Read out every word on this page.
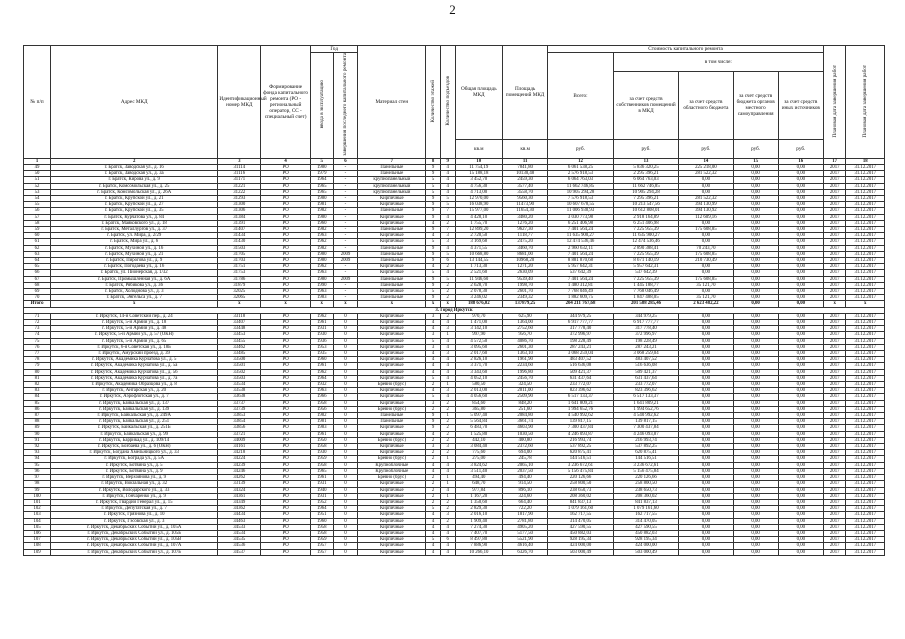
2
№ п/п	Адрес МКД	Идентификационный номер МКД	Формирование фонда капитального ремонта (РО - региональный оператор, СС - специальный счет)	Год		Материал стен	Количество этажей	Количество подъездов	Общая площадь МКД	Площадь помещений МКД	Стоимость капитального ремонта					Плановая дата завершения работ	Плановая дата завершения работ
				ввода в эксплуатацию	завершения последнего капитального ремонта						Всего:	в том числе:					
												за счет средств собственников помещений в МКД	за счет средств областного бюджета	за счет средств бюджета органов местного самоуправления	за счет средств иных источников		
									кв.м	кв.м	руб.	руб.	руб.	руб.	руб.		
1	2	3	4	5	6	7	8	9	10	11	12	13	14	15	16	17	18
49	г. Братск, Заводская ул., д. 16	31114	РО	1980	-	Панельные	9	4	11 754,19	7841,80	6 061 538,25	5 836 320,25	225 218,00	0,00	0,00	2017	31.12.2017
50	г. Братск, Заводская ул., д. 3а	31116	РО	1979	-	Панельные	9	4	15 188,18	10130,48	2 576 918,53	2 295 396,21	281 522,32	0,00	0,00	2017	31.12.2017
51	г. Братск, Кирова ул., д. 9	31171	РО	1964	-	крупнопанельный	5	4	3 452,70	2459,30	6 064 763,03	6 064 763,03	0,00	0,00	0,00	2017	31.12.2017
52	г. Братск, Комсомольская ул., д. 25	31221	РО	1965	-	крупнопанельный	5	4	4 756,30	3577,40	11 662 746,85	11 662 746,85	0,00	0,00	0,00	2017	31.12.2017
53	г. Братск, Комсомольская ул., д. 26А	31222	РО	1965	-	крупнопанельный	5	4	4 713,00	3558,70	10 905 294,28	10 905 294,28	0,00	0,00	0,00	2017	31.12.2017
54	г. Братск, Крупской ул., д. 21	31293	РО	1980	-	Кирпичные	9	5	12 970,00	9560,30	7 576 918,53	7 295 396,21	281 522,32	0,00	0,00	2017	31.12.2017
55	г. Братск, Крупской ул., д. 27	31300	РО	1981	-	Кирпичные	9	5	16 038,90	11473,90	10 607 678,55	10 213 547,56	394 130,99	0,00	0,00	2017	31.12.2017
56	г. Братск, Крупской ул., д. 35	31306	РО	1982	-	Панельные	9	7	15 977,00	11654,30	11 006 938,93	10 612 808,01	394 130,92	0,00	0,00	2017	31.12.2017
57	г. Братск, Курчатова ул., д. 84	31384	РО	1980	-	Кирпичные	9	4	4 428,10	3480,20	3 030 773,98	2 918 164,89	112 609,16	0,00	0,00	2017	31.12.2017
58	г. Братск, Маяковского ул., д. 18	31391	РО	1960	-	Кирпичные	4	2	1 755,70	1276,20	6 251 406,98	6 251 406,98	0,00	0,00	0,00	2017	31.12.2017
59	г. Братск, Металлургов ул., д. 37	31407	РО	1982	-	Панельные	9	7	12 899,20	9627,30	7 401 564,24	7 225 955,39	175 608,85	0,00	0,00	2017	31.12.2017
60	г. Братск, ул. Мира, д. 2/29	31434	РО	1963	-	Кирпичные	4	3	2 720,50	1118,77	11 635 900,27	11 635 900,27	0,00	0,00	0,00	2017	31.12.2017
61	г. Братск, Мира ул., д. 6	31430	РО	1962	-	Кирпичные	5	3	3 169,68	2475,20	12 474 536,46	12 474 536,46	0,00	0,00	0,00	2017	31.12.2017
62	г. Братск, Мухиной ул., д. 16	31503	РО	1982	-	Панельные	9	4	4 371,55	3460,70	2 960 632,11	2 890 388,41	70 243,70	0,00	0,00	2017	31.12.2017
63	г. Братск, Мухиной ул., д. 21	31705	РО	1980	2009	Панельные	9	5	10 668,80	8681,00	7 401 564,24	7 225 955,39	175 608,85	0,00	0,00	2017	31.12.2017
64	г. Братск, Пирогова ул., д. 9	31703	РО	1980	2009	Панельные	9	6	13 144,55	10968,20	8 881 870,68	8 671 140,19	210 730,49	0,00	0,00	2017	31.12.2017
65	г. Братск, Погодаева ул., д. 16	31751	РО	1962	-	Кирпичные	4	2	1 713,30	1271,20	5 957 642,31	5 957 642,31	0,00	0,00	0,00	2017	31.12.2017
66	г. Братск, ул. Пионерская, д. 1/32	31753	РО	1963	-	Кирпичные	5	4	2 521,60	2630,09	537 642,39	537 642,39	0,00	0,00	0,00	2017	31.12.2017
67	г. Братск, Промышленная ул., д. 6А	31786	РО	1980	2009	Панельные	9	5	11 946,60	9539,40	7 401 564,24	7 225 955,39	175 608,85	0,00	0,00	2017	31.12.2017
68	г. Братск, Рябикова ул., д. 36	31879	РО	1990	-	Панельные	9	2	2 628,70	1998,70	1 480 312,81	1 445 188,77	35 121,70	0,00	0,00	2017	31.12.2017
69	г. Братск, Холоднова ул., д. 3	32025	РО	1963	-	Кирпичные	5	2	2 078,30	2601,70	7 768 046,49	7 768 046,49	0,00	0,00	0,00	2017	31.12.2017
70	г. Братск, Энгельса ул., д. 7	32065	РО	1983	-	Панельные	9	2	3 246,02	2349,32	1 882 609,75	1 847 488,05	35 121,70	0,00	0,00	2017	31.12.2017
Итого	x	x	x	x	x	x	x	x	188 676,02	137879,25	204 211 767,68	201 588 285,46	2 623 482,22	0,00	0,00	x	x
3. Город Иркутск																	
71	г. Иркутск, 14-й Советский пер., д. 24	33118	РО	1962	0	Кирпичные	3	2	970,70	625,90	344 979,25	344 979,25	0,00	0,00	0,00	2017	31.12.2017
72	г. Иркутск, 5-й Армии ул., д. 18	33407	РО	1961	0	Кирпичные	4	4	1 471,00	1364,00	6 917 777,77	6 917 777,77	0,00	0,00	0,00	2017	31.12.2017
73	г. Иркутск, 5-й Армии ул., д. 48	33448	РО	1931	0	Кирпичные	4	3	3 142,10	2752,60	317 778,40	317 778,40	0,00	0,00	0,00	2017	31.12.2017
74	г. Иркутск, 5-й Армии ул., д. 57 (ОКН)	33453	РО	1930	0	Кирпичные	3	1	997,90	956,70	372 996,97	372 996,97	0,00	0,00	0,00	2017	31.12.2017
75	г. Иркутск, 5-й Армии ул., д. 65	33455	РО	1936	0	Кирпичные	5	4	4 572,50	4086,70	198 228,49	198 228,49	0,00	0,00	0,00	2017	31.12.2017
76	г. Иркутск, 6-я Советская ул., д. 18Б	33462	РО	1953	0	Кирпичные	3	4	3 095,60	2601,30	287 243,21	287 243,21	0,00	0,00	0,00	2017	31.12.2017
77	г. Иркутск, Амурский проезд, д. 39	33485	РО	1935	0	Кирпичные	4	3	2 017,60	1363,10	3 068 259,04	3 068 259,04	0,00	0,00	0,00	2017	31.12.2017
78	г. Иркутск, Академика Курчатова ул., д. 5	33500	РО	1960	0	Кирпичные	4	4	2 826,10	1961,90	483 407,52	483 407,52	0,00	0,00	0,00	2017	31.12.2017
79	г. Иркутск, Академика Курчатова ул., д. 5а	33501	РО	1961	0	Кирпичные	4	4	3 371,70	2234,60	516 636,08	516 636,08	0,00	0,00	0,00	2017	31.12.2017
80	г. Иркутск, Академика Курчатова ул., д. 56	33502	РО	1962	0	Кирпичные	4	4	3 343,60	1996,80	509 421,37	509 421,37	0,00	0,00	0,00	2017	31.12.2017
81	г. Иркутск, Академика Курчатова ул., д. 7а	33503	РО	1964	0	Кирпичные	5	4	4 052,10	2456,70	631 437,64	631 437,64	0,00	0,00	0,00	2017	31.12.2017
82	г. Иркутск, Академика Образцова ул., д. 8	33534	РО	1932	0	Бревно (брус)	2	1	580,50	324,50	233 772,07	233 772,07	0,00	0,00	0,00	2017	31.12.2017
83	г. Иркутск, Ангарская ул., д. 20	33538	РО	1963	0	Кирпичные	4	3	2 013,00	2011,00	823 396,62	823 396,62	0,00	0,00	0,00	2017	31.12.2017
84	г. Иркутск, Аэрофлотская ул., д. 7	33638	РО	1966	0	Кирпичные	5	4	4 056,60	2509,90	6 517 133,37	6 517 133,37	0,00	0,00	0,00	2017	31.12.2017
85	г. Иркутск, Байкальская ул., д. 137	33737	РО	1958	0	Кирпичные	3	2	854,60	848,20	1 641 809,21	1 641 809,21	0,00	0,00	0,00	2017	31.12.2017
86	г. Иркутск, Байкальская ул., д. 139	33739	РО	1956	0	Бревно (брус)	2	2	365,80	251,60	1 994 652,76	1 994 652,76	0,00	0,00	0,00	2017	31.12.2017
87	г. Иркутск, Байкальская ул., д. 249А	33853	РО	1982	0	Панельные	9	1	5 097,40	2084,80	4 540 992,62	4 540 992,62	0,00	0,00	0,00	2017	31.12.2017
88	г. Иркутск, Байкальская ул., д. 251	33854	РО	1981	0	Панельные	9	2	5 564,84	3661,74	139 817,15	139 817,15	0,00	0,00	0,00	2017	31.12.2017
89	г. Иркутск, Байкальская ул., д. 251Б	33856	РО	1983	0	Кирпичные	9	2	6 483,70	4603,90	7 300 437,84	7 300 437,84	0,00	0,00	0,00	2017	31.12.2017
90	г. Иркутск, Байкальская ул., д. 99	33721	РО	1961	0	Кирпичные	4	2	1 525,80	1030,50	4 246 093,87	4 246 093,87	0,00	0,00	0,00	2017	31.12.2017
91	г. Иркутск, Баррикад ул., д. 109/14	34009	РО	1950	0	Бревно (брус)	2	2	442,10	400,80	216 993,74	216 993,74	0,00	0,00	0,00	2017	31.12.2017
92	г. Иркутск, Бозбаева ул., д. 6 (ОКН)	34161	РО	1958	0	Кирпичные	3	3	3 084,40	2372,60	537 892,25	537 892,25	0,00	0,00	0,00	2017	31.12.2017
93	г. Иркутск, Богдана Хмельницкого ул., д. 33	34218	РО	1930	0	Кирпичные	2	2	775,60	694,00	620 875,41	620 875,41	0,00	0,00	0,00	2017	31.12.2017
94	г. Иркутск, Бограда ул., д. 5А	34224	РО	1959	0	Бревно (брус)	2	1	275,00	245,78	144 516,51	144 516,51	0,00	0,00	0,00	2017	31.12.2017
95	г. Иркутск, Ботвина ул., д. 5	34239	РО	1958	0	Крупноблочные	4	4	3 824,62	2065,10	3 236 672,61	3 236 672,61	0,00	0,00	0,00	2017	31.12.2017
96	г. Иркутск, Ботвина ул., д. 9	34246	РО	1965	0	Крупноблочные	4	4	3 511,40	2037,50	5 156 475,84	5 156 475,84	0,00	0,00	0,00	2017	31.12.2017
97	г. Иркутск, Верхоянова ул., д. 9	34262	РО	1961	0	Бревно (брус)	2	1	494,40	494,40	220 126,66	220 126,66	0,00	0,00	0,00	2017	31.12.2017
98	г. Иркутск, Вокзальная ул., д. 32	33139	РО	1931	0	Кирпичные	2	1	648,70	914,50	258 800,50	258 800,50	0,00	0,00	0,00	2017	31.12.2017
99	г. Иркутск, Володарского ул., д. 33	34324	РО	1940	0	Кирпичные	2	4	977,84	896,10	238 650,73	238 650,73	0,00	0,00	0,00	2017	31.12.2017
100	г. Иркутск, Гончаренко ул., д. 9	34361	РО	1931	0	Кирпичные	2	1	1 167,20	324,60	208 360,02	208 360,02	0,00	0,00	0,00	2017	31.12.2017
101	г. Иркутск, Гвардии Генерал ул., д. 15	34349	РО	1952	0	Кирпичные	2	2	1 350,60	664,40	841 837,13	841 837,13	0,00	0,00	0,00	2017	31.12.2017
102	г. Иркутск, Депутатская ул., д. 7	34362	РО	1964	0	Кирпичные	5	2	2 829,30	722,20	1 079 161,60	1 079 161,60	0,00	0,00	0,00	2017	31.12.2017
103	г. Иркутск, Грязнова ул., д. 10	34434	РО	1951	0	Кирпичные	4	3	2 016,10	1817,90	162 717,55	162 717,55	0,00	0,00	0,00	2017	31.12.2017
104	г. Иркутск, Гэсовская ул., д. 3	34463	РО	1960	0	Кирпичные	4	2	1 909,40	2781,80	314 470,05	314 470,05	0,00	0,00	0,00	2017	31.12.2017
105	г. Иркутск, Декабрьских Событий ул., д. 105А	34533	РО	1958	0	Кирпичные	4	4	7 274,30	4905,20	427 590,55	427 590,55	0,00	0,00	0,00	2017	31.12.2017
106	г. Иркутск, Декабрьских Событий ул., д. 105Б	34534	РО	1958	0	Кирпичные	4	4	7 407,70	5177,50	450 882,03	450 882,03	0,00	0,00	0,00	2017	31.12.2017
107	г. Иркутск, Декабрьских Событий ул., д. 105В	34535	РО	1959	0	Кирпичные	5	6	8 497,80	5521,90	928 195,34	928 195,34	0,00	0,00	0,00	2017	31.12.2017
108	г. Иркутск, Декабрьских Событий ул., д. 107А	34536	РО	1957	0	Кирпичные	4	4	7 886,90	4616,40	424 000,00	424 000,00	0,00	0,00	0,00	2017	31.12.2017
109	г. Иркутск, Декабрьских Событий ул., д. 107Б	34537	РО	1957	0	Кирпичные	4	4	10 266,10	6326,70	503 000,49	503 000,49	0,00	0,00	0,00	2017	31.12.2017
